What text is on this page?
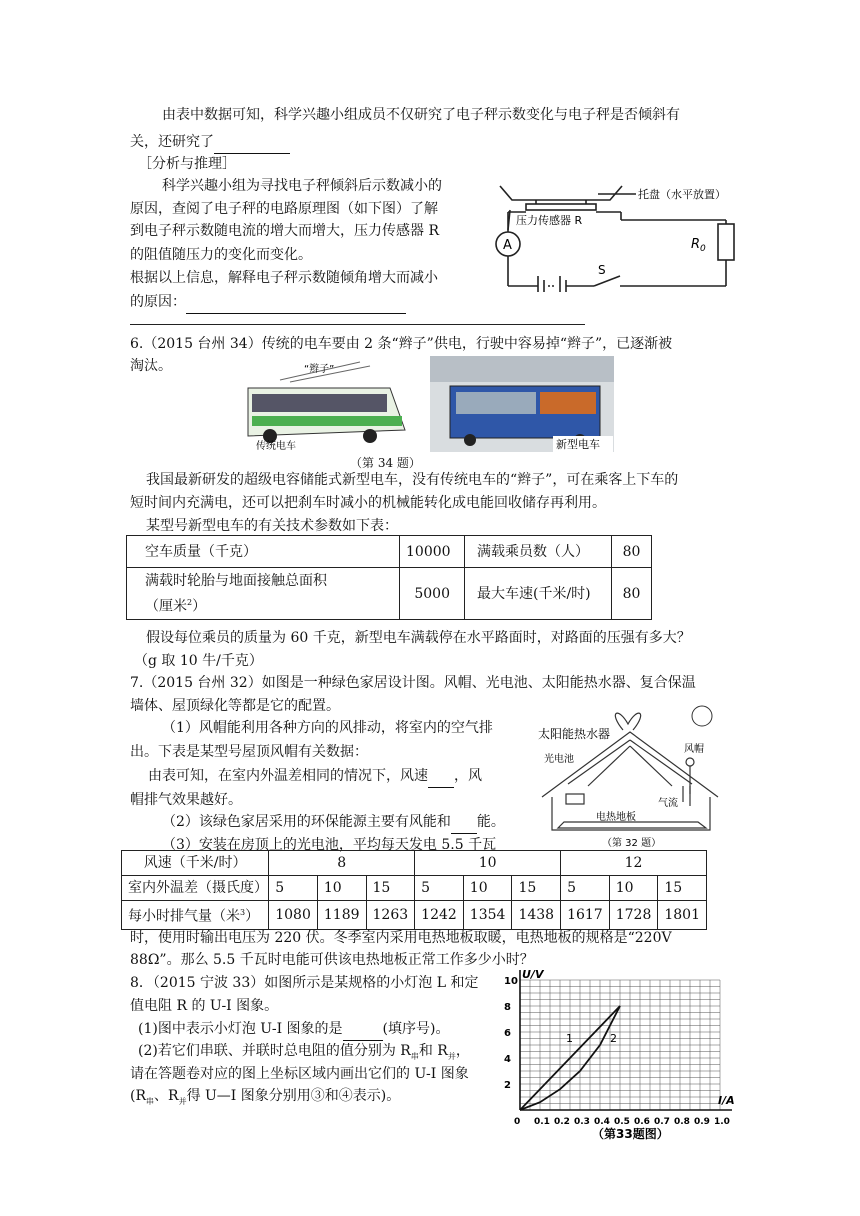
由表中数据可知，科学兴趣小组成员不仅研究了电子秤示数变化与电子秤是否倾斜有
关，还研究了
［分析与推理］
科学兴趣小组为寻找电子秤倾斜后示数减小的
原因，查阅了电子秤的电路原理图（如下图）了解
到电子秤示数随电流的增大而增大，压力传感器 R
的阻值随压力的变化而变化。
根据以上信息，解释电子秤示数随倾角增大而减小
的原因：
A
托盘（水平放置）
压力传感器 R
$R_0$
S
6.（2015 台州 34）传统的电车要由 2 条“辫子”供电，行驶中容易掉“辫子”，已逐渐被
淘汰。	“辫子”
传统电车	新型电车
（第 34 题）
我国最新研发的超级电容储能式新型电车，没有传统电车的“辫子”，可在乘客上下车的
短时间内充满电，还可以把刹车时减小的机械能转化成电能回收储存再利用。
某型号新型电车的有关技术参数如下表：
空车质量（千克）	10000	满载乘员数（人）	80
满载时轮胎与地面接触总面积
（厘米$^2$）	5000	最大车速(千米/时)	80
假设每位乘员的质量为 60 千克，新型电车满载停在水平路面时，对路面的压强有多大？
（g 取 10 牛/千克）
7.（2015 台州 32）如图是一种绿色家居设计图。风帽、光电池、太阳能热水器、复合保温
墙体、屋顶绿化等都是它的配置。
（1）风帽能利用各种方向的风排动，将室内的空气排
出。下表是某型号屋顶风帽有关数据：
由表可知，在室内外温差相同的情况下，风速 ，风
帽排气效果越好。
（2）该绿色家居采用的环保能源主要有风能和 能。
（3）安装在房顶上的光电池，平均每天发电 5.5 千瓦
太阳能热水器
风帽
光电池
气流
电热地板
（第 32 题）
风速（千米/时）	8			10			12		
室内外温差（摄氏度）	5	10	15	5	10	15	5	10	15
每小时排气量（米$^3$）	1080	1189	1263	1242	1354	1438	1617	1728	1801
时，使用时输出电压为 220 伏。冬季室内采用电热地板取暖，电热地板的规格是“220V
88Ω”。那么 5.5 千瓦时电能可供该电热地板正常工作多少小时？
8．（2015 宁波 33）如图所示是某规格的小灯泡 L 和定
值电阻 R 的 U-I 图象。
(1)图中表示小灯泡 U-I 图象的是	(填序号)。
(2)若它们串联、并联时总电阻的值分别为 $R_串$和 $R_并$，
请在答题卷对应的图上坐标区域内画出它们的 U-I 图象
($R_串$、$R_并$得 U—I 图象分别用③和④表示)。
U/V
I/A
2
4
6
8
10
0 0.1 0.2 0.3 0.4 0.5 0.6 0.7 0.8 0.9 1.0
1	2
（第33题图）
